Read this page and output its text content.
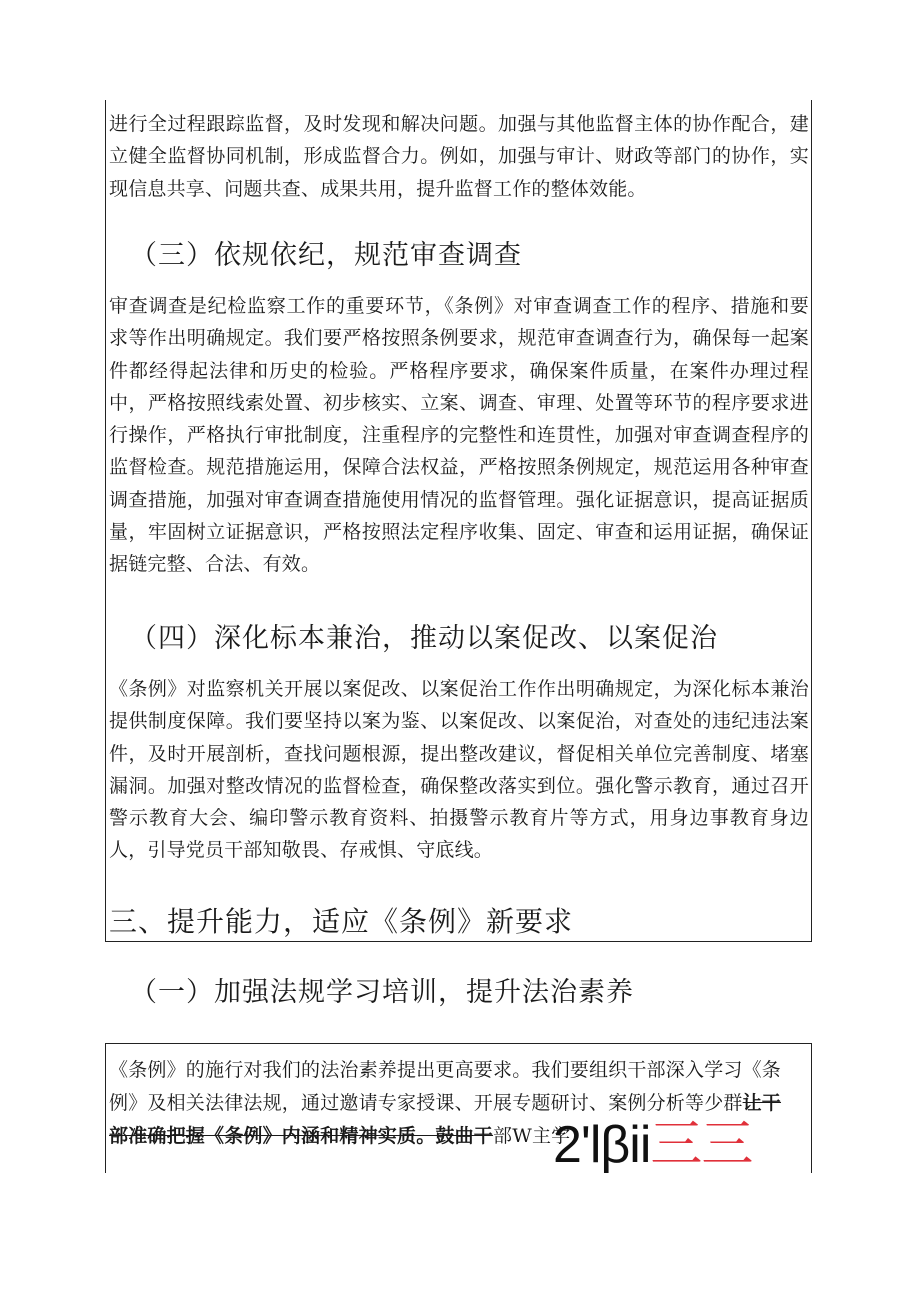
进行全过程跟踪监督，及时发现和解决问题。加强与其他监督主体的协作配合，建立健全监督协同机制，形成监督合力。例如，加强与审计、财政等部门的协作，实现信息共享、问题共查、成果共用，提升监督工作的整体效能。

（三）依规依纪，规范审查调查

审查调查是纪检监察工作的重要环节，《条例》对审查调查工作的程序、措施和要求等作出明确规定。我们要严格按照条例要求，规范审查调查行为，确保每一起案件都经得起法律和历史的检验。严格程序要求，确保案件质量，在案件办理过程中，严格按照线索处置、初步核实、立案、调查、审理、处置等环节的程序要求进行操作，严格执行审批制度，注重程序的完整性和连贯性，加强对审查调查程序的监督检查。规范措施运用，保障合法权益，严格按照条例规定，规范运用各种审查调查措施，加强对审查调查措施使用情况的监督管理。强化证据意识，提高证据质量，牢固树立证据意识，严格按照法定程序收集、固定、审查和运用证据，确保证据链完整、合法、有效。

（四）深化标本兼治，推动以案促改、以案促治

《条例》对监察机关开展以案促改、以案促治工作作出明确规定，为深化标本兼治提供制度保障。我们要坚持以案为鉴、以案促改、以案促治，对查处的违纪违法案件，及时开展剖析，查找问题根源，提出整改建议，督促相关单位完善制度、堵塞漏洞。加强对整改情况的监督检查，确保整改落实到位。强化警示教育，通过召开警示教育大会、编印警示教育资料、拍摄警示教育片等方式，用身边事教育身边人，引导党员干部知敬畏、存戒惧、守底线。

三、提升能力，适应《条例》新要求
（一）加强法规学习培训，提升法治素养
《条例》的施行对我们的法治素养提出更高要求。我们要组织干部深入学习《条
例》及相关法律法规，通过邀请专家授课、开展专题研讨、案例分析等少群让干
部准确把握《条例》内涵和精神实质。鼓曲干部W主学
2'lβii三三
